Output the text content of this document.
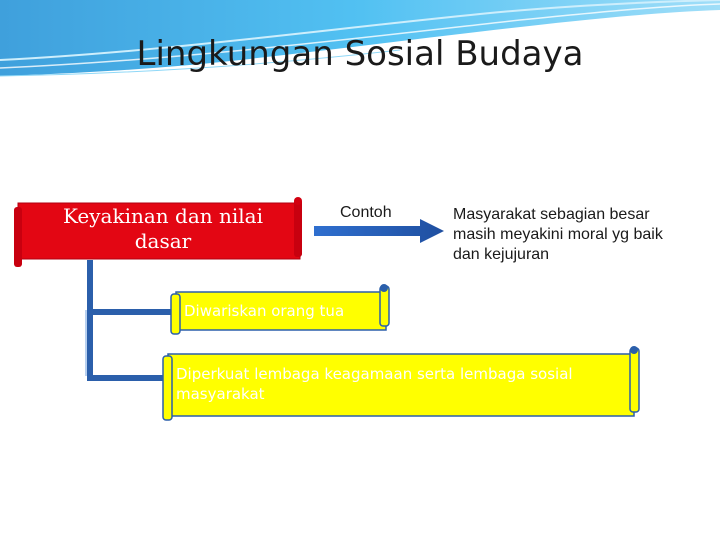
Lingkungan Sosial Budaya
Keyakinan dan nilai
dasar
Contoh	Masyarakat sebagian besar
masih meyakini moral yg baik
dan kejujuran
Diwariskan orang tua
Diperkuat lembaga keagamaan serta lembaga sosial
masyarakat
